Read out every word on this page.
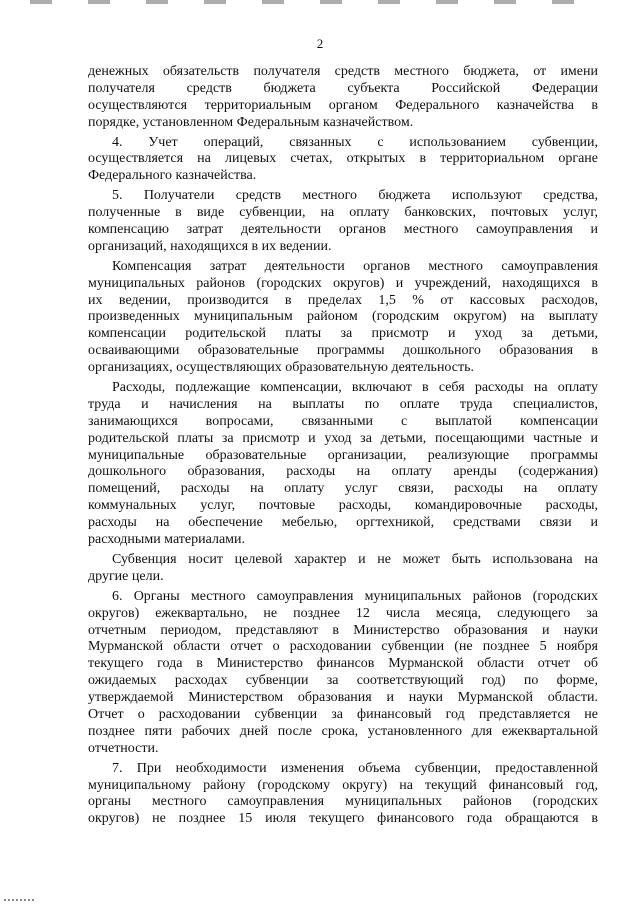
2
денежных обязательств получателя средств местного бюджета, от имени
получателя средств бюджета субъекта Российской Федерации
осуществляются территориальным органом Федерального казначейства в
порядке, установленном Федеральным казначейством.
4. Учет операций, связанных с использованием субвенции,
осуществляется на лицевых счетах, открытых в территориальном органе
Федерального казначейства.
5. Получатели средств местного бюджета используют средства,
полученные в виде субвенции, на оплату банковских, почтовых услуг,
компенсацию затрат деятельности органов местного самоуправления и
организаций, находящихся в их ведении.
Компенсация затрат деятельности органов местного самоуправления
муниципальных районов (городских округов) и учреждений, находящихся в
их ведении, производится в пределах 1,5 % от кассовых расходов,
произведенных муниципальным районом (городским округом) на выплату
компенсации родительской платы за присмотр и уход за детьми,
осваивающими образовательные программы дошкольного образования в
организациях, осуществляющих образовательную деятельность.
Расходы, подлежащие компенсации, включают в себя расходы на оплату
труда и начисления на выплаты по оплате труда специалистов,
занимающихся вопросами, связанными с выплатой компенсации
родительской платы за присмотр и уход за детьми, посещающими частные и
муниципальные образовательные организации, реализующие программы
дошкольного образования, расходы на оплату аренды (содержания)
помещений, расходы на оплату услуг связи, расходы на оплату
коммунальных услуг, почтовые расходы, командировочные расходы,
расходы на обеспечение мебелью, оргтехникой, средствами связи и
расходными материалами.
Субвенция носит целевой характер и не может быть использована на
другие цели.
6. Органы местного самоуправления муниципальных районов (городских
округов) ежеквартально, не позднее 12 числа месяца, следующего за
отчетным периодом, представляют в Министерство образования и науки
Мурманской области отчет о расходовании субвенции (не позднее 5 ноября
текущего года в Министерство финансов Мурманской области отчет об
ожидаемых расходах субвенции за соответствующий год) по форме,
утверждаемой Министерством образования и науки Мурманской области.
Отчет о расходовании субвенции за финансовый год представляется не
позднее пяти рабочих дней после срока, установленного для ежеквартальной
отчетности.
7. При необходимости изменения объема субвенции, предоставленной
муниципальному району (городскому округу) на текущий финансовый год,
органы местного самоуправления муниципальных районов (городских
округов) не позднее 15 июля текущего финансового года обращаются в
